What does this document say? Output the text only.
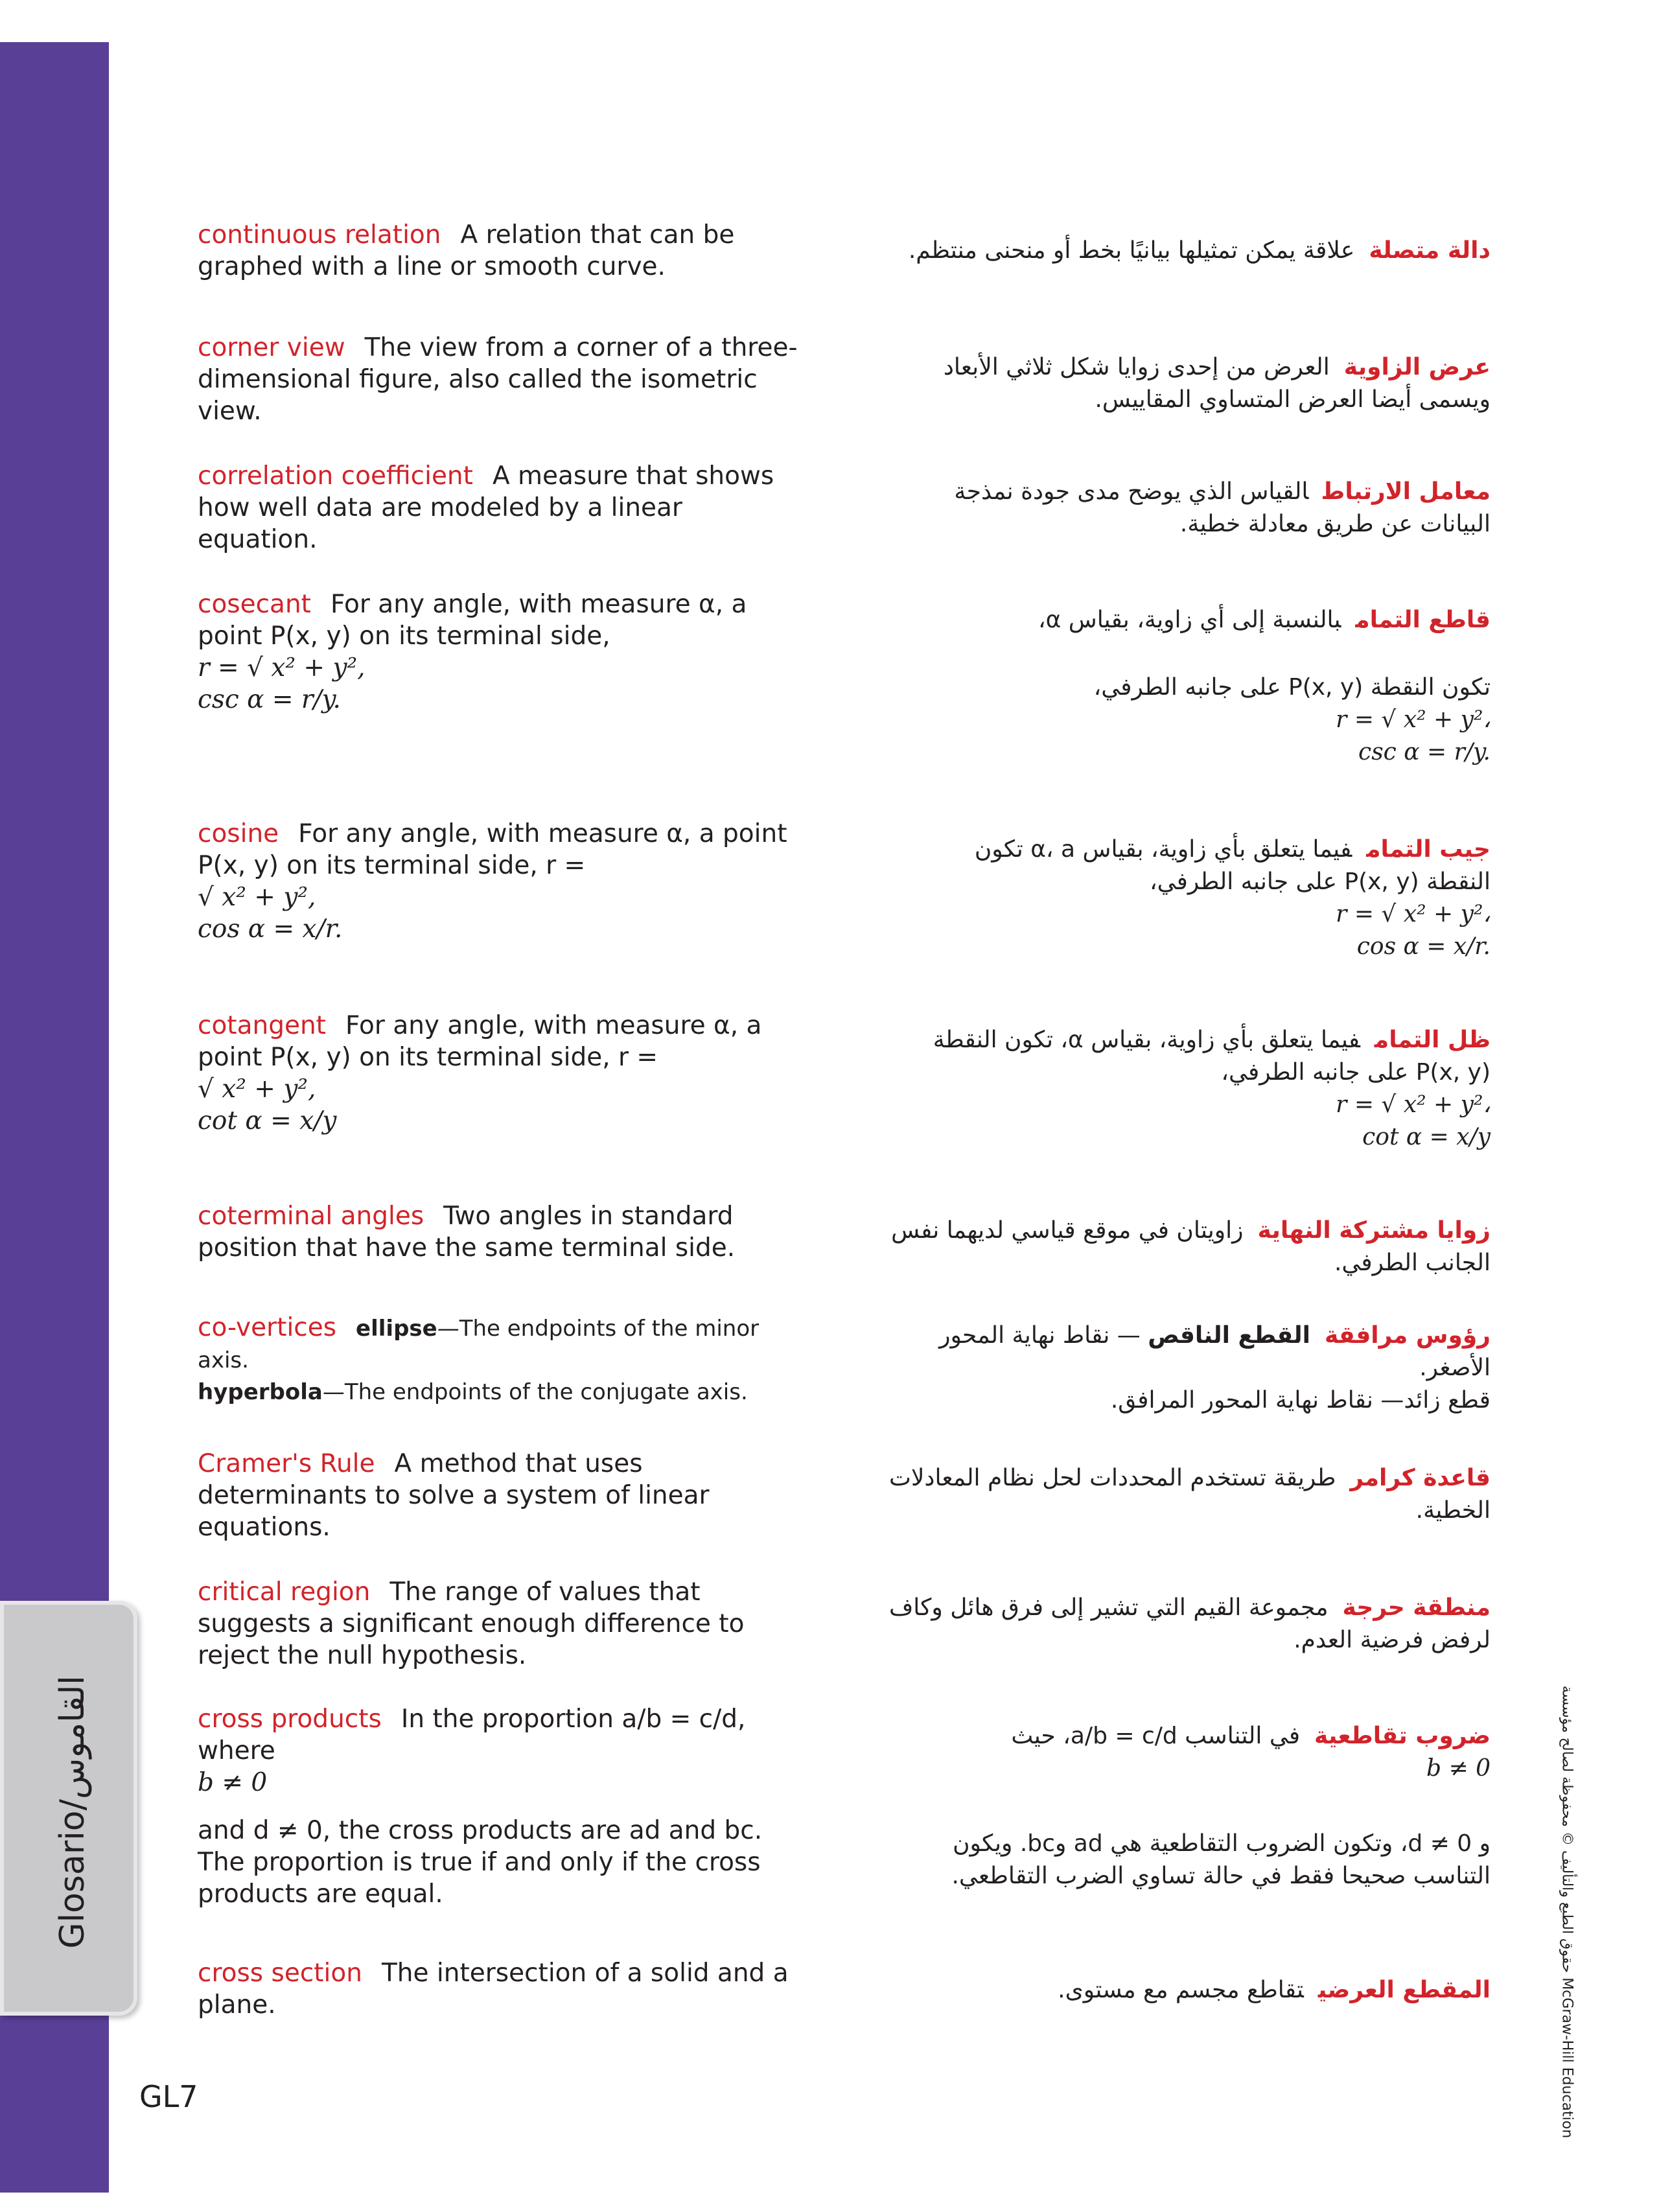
Glosario/القاموس
GL7
حقوق الطبع والتأليف © محفوظة لصالح مؤسسة McGraw-Hill Education
continuous relation A relation that can be graphed with a line or smooth curve.
corner view The view from a corner of a three-dimensional figure, also called the isometric view.
correlation coefficient A measure that shows how well data are modeled by a linear equation.
cosecant For any angle, with measure α, a point P(x, y) on its terminal side,
r = √ x² + y²,
csc α = r/y.
cosine For any angle, with measure α, a point P(x, y) on its terminal side, r =
√ x² + y²,
cos α = x/r.
cotangent For any angle, with measure α, a point P(x, y) on its terminal side, r =
√ x² + y²,
cot α = x/y
coterminal angles Two angles in standard position that have the same terminal side.
co-vertices ellipse—The endpoints of the minor axis.
hyperbola—The endpoints of the conjugate axis.
Cramer's Rule A method that uses determinants to solve a system of linear equations.
critical region The range of values that suggests a significant enough difference to reject the null hypothesis.
cross products In the proportion a/b = c/d, where
b ≠ 0
and d ≠ 0, the cross products are ad and bc. The proportion is true if and only if the cross products are equal.
cross section The intersection of a solid and a plane.
دالة متصلةعلاقة يمكن تمثيلها بيانيًا بخط أو منحنى منتظم.
عرض الزاويةالعرض من إحدى زوايا شكل ثلاثي الأبعاد ويسمى أيضا العرض المتساوي المقاييس.
معامل الارتباطالقياس الذي يوضح مدى جودة نمذجة البيانات عن طريق معادلة خطية.
قاطع التمامبالنسبة إلى أي زاوية، بقياس α،
تكون النقطة P(x, y) على جانبه الطرفي،
r = √ x² + y²،
csc α = r/y.
جيب التمامفيما يتعلق بأي زاوية، بقياس α، a تكون
النقطة P(x, y) على جانبه الطرفي،
r = √ x² + y²،
cos α = x/r.
ظل التمامفيما يتعلق بأي زاوية، بقياس α، تكون النقطة
P(x, y) على جانبه الطرفي،
r = √ x² + y²،
cot α = x/y
زوايا مشتركة النهايةزاويتان في موقع قياسي لديهما نفس الجانب الطرفي.
رؤوس مرافقةالقطع الناقص — نقاط نهاية المحور الأصغر.
قطع زائد— نقاط نهاية المحور المرافق.
قاعدة كرامرطريقة تستخدم المحددات لحل نظام المعادلات الخطية.
منطقة حرجةمجموعة القيم التي تشير إلى فرق هائل وكاف لرفض فرضية العدم.
ضروب تقاطعيةفي التناسب a/b = c/d، حيث
b ≠ 0
و d ≠ 0، وتكون الضروب التقاطعية هي ad وbc. ويكون التناسب صحيحا فقط في حالة تساوي الضرب التقاطعي.
المقطع العرضيتقاطع مجسم مع مستوى.
